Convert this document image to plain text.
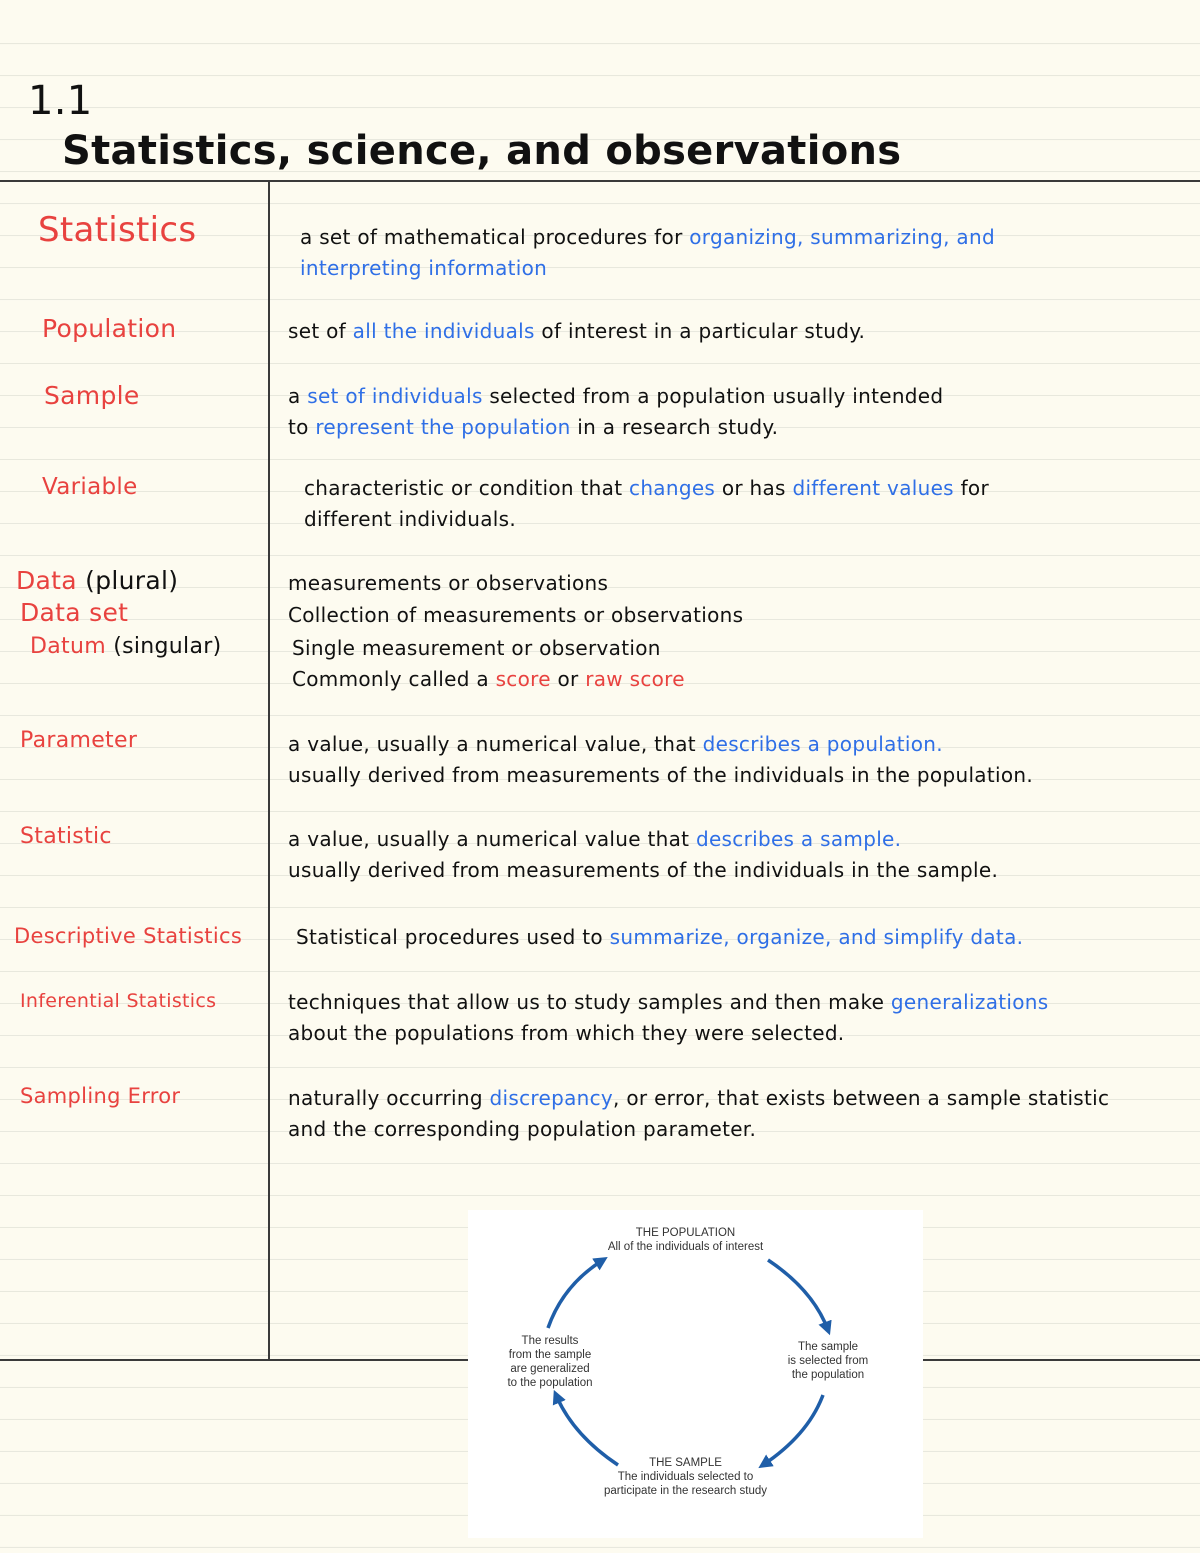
1.1
Statistics, science, and observations
Statistics
Population
Sample
Variable
Data (plural)
Data set
Datum (singular)
Parameter
Statistic
Descriptive Statistics
Inferential Statistics
Sampling Error
a set of mathematical procedures for organizing, summarizing, and
interpreting information
set of all the individuals of interest in a particular study.
a set of individuals selected from a population usually intended
to represent the population in a research study.
characteristic or condition that changes or has different values for
different individuals.
measurements or observations
Collection of measurements or observations
Single measurement or observation
Commonly called a score or raw score
a value, usually a numerical value, that describes a population.
usually derived from measurements of the individuals in the population.
a value, usually a numerical value that describes a sample.
usually derived from measurements of the individuals in the sample.
Statistical procedures used to summarize, organize, and simplify data.
techniques that allow us to study samples and then make generalizations
about the populations from which they were selected.
naturally occurring discrepancy, or error, that exists between a sample statistic
and the corresponding population parameter.
THE POPULATION
All of the individuals of interest
The sample
is selected from
the population
The results
from the sample
are generalized
to the population
THE SAMPLE
The individuals selected to
participate in the research study
